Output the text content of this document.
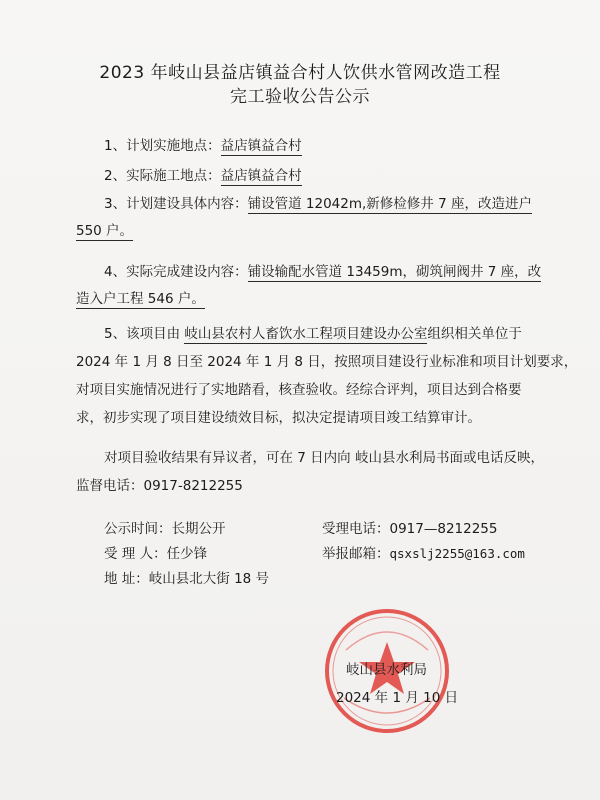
2023 年岐山县益店镇益合村人饮供水管网改造工程
完工验收公告公示
1、计划实施地点：益店镇益合村
2、实际施工地点：益店镇益合村
3、计划建设具体内容：铺设管道 12042m,新修检修井 7 座，改造进户
550 户。
4、实际完成建设内容：铺设输配水管道 13459m，砌筑闸阀井 7 座，改
造入户工程 546 户。
5、该项目由 岐山县农村人畜饮水工程项目建设办公室组织相关单位于
2024 年 1 月 8 日至 2024 年 1 月 8 日，按照项目建设行业标准和项目计划要求，
对项目实施情况进行了实地踏看，核查验收。经综合评判，项目达到合格要
求，初步实现了项目建设绩效目标，拟决定提请项目竣工结算审计。
对项目验收结果有异议者，可在 7 日内向 岐山县水利局书面或电话反映，
监督电话：0917-8212255
公示时间：长期公开	受理电话：0917—8212255
受 理 人：任少锋	举报邮箱：qsxslj2255@163.com
地 址：岐山县北大街 18 号
岐山县水利局
2024 年 1 月 10 日
